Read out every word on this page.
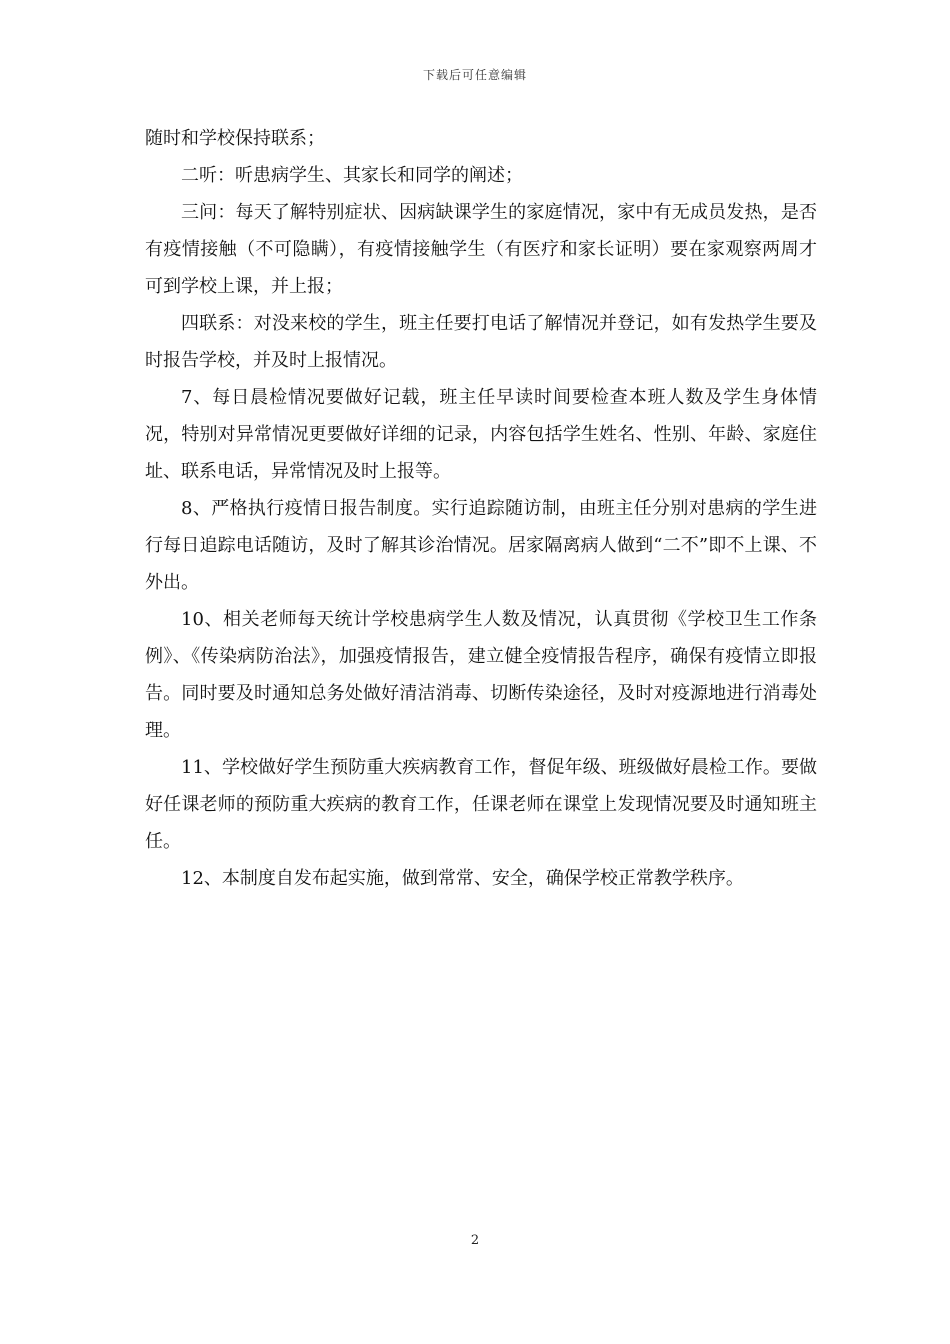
下载后可任意编辑

随时和学校保持联系；

二听：听患病学生、其家长和同学的阐述；

三问：每天了解特别症状、因病缺课学生的家庭情况，家中有无成员发热，是否有疫情接触（不可隐瞒），有疫情接触学生（有医疗和家长证明）要在家观察两周才可到学校上课，并上报；

四联系：对没来校的学生，班主任要打电话了解情况并登记，如有发热学生要及时报告学校，并及时上报情况。

7、每日晨检情况要做好记载，班主任早读时间要检查本班人数及学生身体情况，特别对异常情况更要做好详细的记录，内容包括学生姓名、性别、年龄、家庭住址、联系电话，异常情况及时上报等。

8、严格执行疫情日报告制度。实行追踪随访制，由班主任分别对患病的学生进行每日追踪电话随访，及时了解其诊治情况。居家隔离病人做到“二不”即不上课、不外出。

10、相关老师每天统计学校患病学生人数及情况，认真贯彻《学校卫生工作条例》、《传染病防治法》，加强疫情报告，建立健全疫情报告程序，确保有疫情立即报告。同时要及时通知总务处做好清洁消毒、切断传染途径，及时对疫源地进行消毒处理。

11、学校做好学生预防重大疾病教育工作，督促年级、班级做好晨检工作。要做好任课老师的预防重大疾病的教育工作，任课老师在课堂上发现情况要及时通知班主任。

12、本制度自发布起实施，做到常常、安全，确保学校正常教学秩序。

2
